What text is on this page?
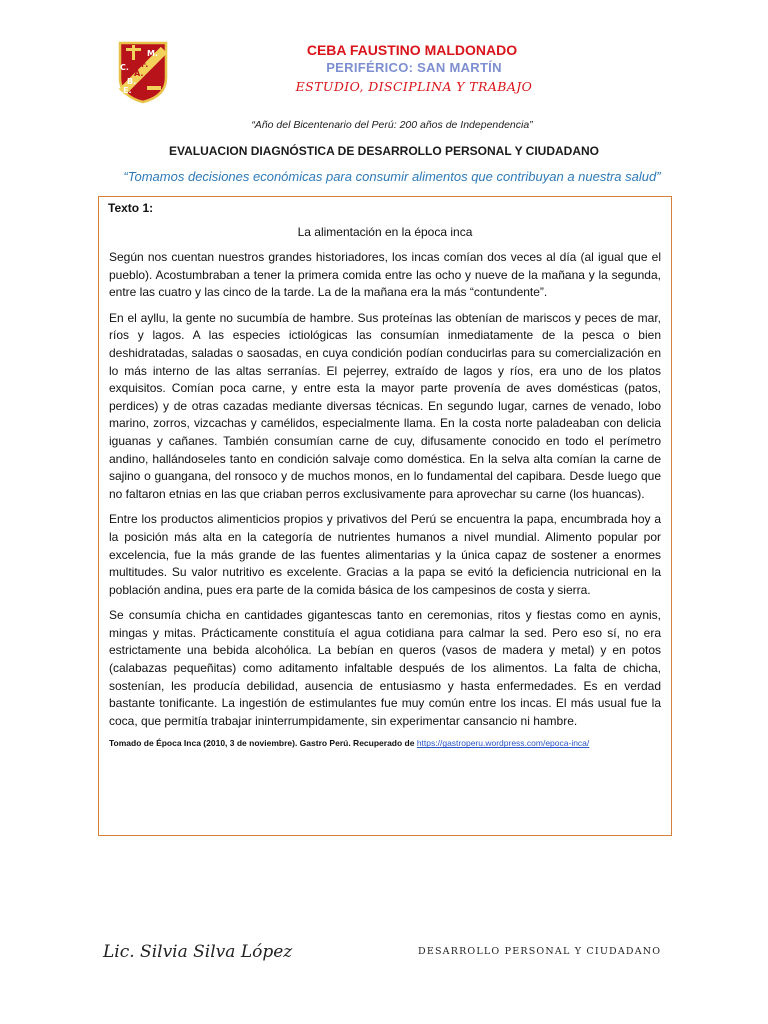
M.
F.
A.
B.
E.
C.
CEBA FAUSTINO MALDONADO
PERIFÉRICO: SAN MARTÍN
ESTUDIO, DISCIPLINA Y TRABAJO
“Año del Bicentenario del Perú: 200 años de Independencia”
EVALUACION DIAGNÓSTICA DE DESARROLLO PERSONAL Y CIUDADANO
“Tomamos decisiones económicas para consumir alimentos que contribuyan a nuestra salud”
Texto 1:
La alimentación en la época inca

Según nos cuentan nuestros grandes historiadores, los incas comían dos veces al día (al igual que el pueblo). Acostumbraban a tener la primera comida entre las ocho y nueve de la mañana y la segunda, entre las cuatro y las cinco de la tarde. La de la mañana era la más “contundente”.

En el ayllu, la gente no sucumbía de hambre. Sus proteínas las obtenían de mariscos y peces de mar, ríos y lagos. A las especies ictiológicas las consumían inmediatamente de la pesca o bien deshidratadas, saladas o saosadas, en cuya condición podían conducirlas para su comercialización en lo más interno de las altas serranías. El pejerrey, extraído de lagos y ríos, era uno de los platos exquisitos. Comían poca carne, y entre esta la mayor parte provenía de aves domésticas (patos, perdices) y de otras cazadas mediante diversas técnicas. En segundo lugar, carnes de venado, lobo marino, zorros, vizcachas y camélidos, especialmente llama. En la costa norte paladeaban con delicia iguanas y cañanes. También consumían carne de cuy, difusamente conocido en todo el perímetro andino, hallándoseles tanto en condición salvaje como doméstica. En la selva alta comían la carne de sajino o guangana, del ronsoco y de muchos monos, en lo fundamental del capibara. Desde luego que no faltaron etnias en las que criaban perros exclusivamente para aprovechar su carne (los huancas).

Entre los productos alimenticios propios y privativos del Perú se encuentra la papa, encumbrada hoy a la posición más alta en la categoría de nutrientes humanos a nivel mundial. Alimento popular por excelencia, fue la más grande de las fuentes alimentarias y la única capaz de sostener a enormes multitudes. Su valor nutritivo es excelente. Gracias a la papa se evitó la deficiencia nutricional en la población andina, pues era parte de la comida básica de los campesinos de costa y sierra.

Se consumía chicha en cantidades gigantescas tanto en ceremonias, ritos y fiestas como en aynis, mingas y mitas. Prácticamente constituía el agua cotidiana para calmar la sed. Pero eso sí, no era estrictamente una bebida alcohólica. La bebían en queros (vasos de madera y metal) y en potos (calabazas pequeñitas) como aditamento infaltable después de los alimentos. La falta de chicha, sostenían, les producía debilidad, ausencia de entusiasmo y hasta enfermedades. Es en verdad bastante tonificante. La ingestión de estimulantes fue muy común entre los incas. El más usual fue la coca, que permitía trabajar ininterrumpidamente, sin experimentar cansancio ni hambre.

Tomado de Época Inca (2010, 3 de noviembre). Gastro Perú. Recuperado de https://gastroperu.wordpress.com/epoca-inca/
Lic. Silvia Silva López	DESARROLLO PERSONAL Y CIUDADANO
